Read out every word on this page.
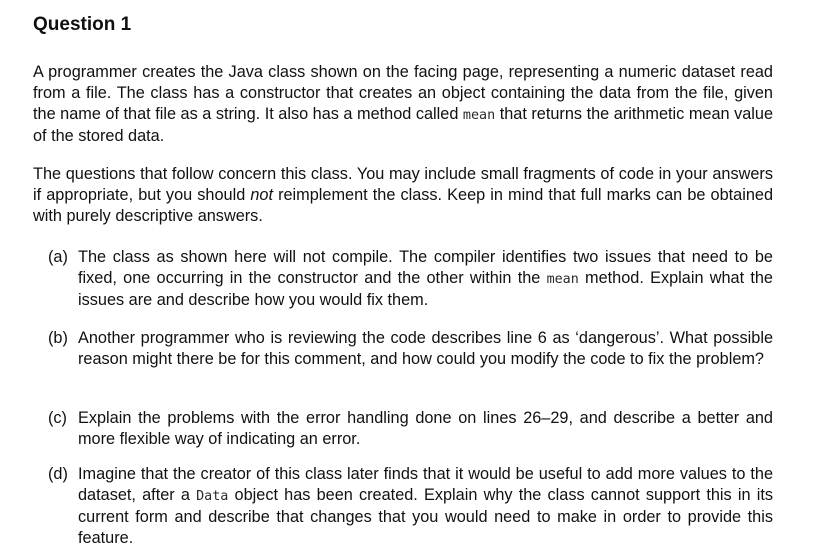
Question 1

A programmer creates the Java class shown on the facing page, representing a numeric dataset read from a file. The class has a constructor that creates an object containing the data from the file, given the name of that file as a string. It also has a method called mean that returns the arithmetic mean value of the stored data.

The questions that follow concern this class. You may include small fragments of code in your answers if appropriate, but you should not reimplement the class. Keep in mind that full marks can be obtained with purely descriptive answers.

(a) The class as shown here will not compile. The compiler identifies two issues that need to be fixed, one occurring in the constructor and the other within the mean method. Explain what the issues are and describe how you would fix them.
(b) Another programmer who is reviewing the code describes line 6 as ‘dangerous’. What possible reason might there be for this comment, and how could you modify the code to fix the problem?
(c) Explain the problems with the error handling done on lines 26–29, and describe a better and more flexible way of indicating an error.
(d) Imagine that the creator of this class later finds that it would be useful to add more values to the dataset, after a Data object has been created. Explain why the class cannot support this in its current form and describe that changes that you would need to make in order to provide this feature.
